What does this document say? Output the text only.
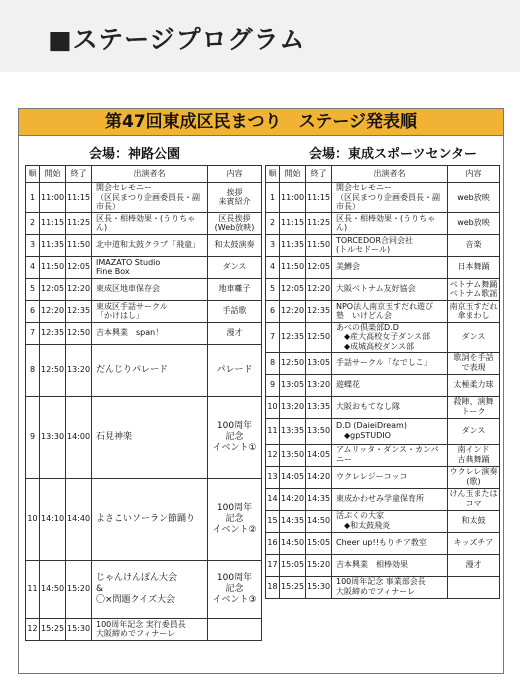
■ステージプログラム
第47回東成区民まつり　ステージ発表順
会場：神路公園	会場：東成スポーツセンター
順	開始	終了	出演者名	内容
1	11:00	11:15	開会セレモニー
（区民まつり企画委員長・副市長）	挨拶
来賓紹介
2	11:15	11:25	区長・相棒効果・(うりちゃん)	区長挨拶
(Web放映)
3	11:35	11:50	北中道和太鼓クラブ「飛童」	和太鼓演奏
4	11:50	12:05	IMAZATO Studio
Fine Box	ダンス
5	12:05	12:20	東成区地車保存会	地車囃子
6	12:20	12:35	東成区手話サークル
「かけはし」	手話歌
7	12:35	12:50	吉本興業　span！	漫才
8	12:50	13:20	だんじりパレード	パレード
9	13:30	14:00	石見神楽	100周年
記念
イベント①
10	14:10	14:40	よさこいソーラン節踊り	100周年
記念
イベント②
11	14:50	15:20	じゃんけんぽん大会
&
〇×問題クイズ大会	100周年
記念
イベント③
12	15:25	15:30	100周年記念 実行委員長
大阪締めでフィナーレ	
順	開始	終了	出演者名	内容
1	11:00	11:15	開会セレモニー
（区民まつり企画委員長・副市長）	web放映
2	11:15	11:25	区長・相棒効果・(うりちゃん)	web放映
3	11:35	11:50	TORCEDOR合同会社
(トルセドール)	音楽
4	11:50	12:05	美鱒会	日本舞踊
5	12:05	12:20	大阪ベトナム友好協会	ベトナム舞踊
ベトナム歌謡
6	12:20	12:35	NPO法人南京玉すだれ遊び
塾　いけどん会	南京玉すだれ
傘まわし
7	12:35	12:50	あべの倶楽部D.D
　◆産大高校女子ダンス部
　◆成城高校ダンス部	ダンス
8	12:50	13:05	手話サークル「なでしこ」	歌詞を手話
で表現
9	13:05	13:20	遊蝶花	太極柔力球
10	13:20	13:35	大阪おもてなし隊	殺陣、演舞
トーク
11	13:35	13:50	D.D (DaieiDream)
　◆gpSTUDIO	ダンス
12	13:50	14:05	アムリッタ・ダンス・カンパニー	南インド
古典舞踊
13	14:05	14:20	ウクレレジーコッコ	ウクレレ演奏
(歌)
14	14:20	14:35	東成かわせみ学童保育所	けん玉または
コマ
15	14:35	14:50	活ぷくの大家
　◆和太鼓飛炎	和太鼓
16	14:50	15:05	Cheer up!!もりチア教室	キッズチア
17	15:05	15:20	吉本興業　相棒効果	漫才
18	15:25	15:30	100周年記念 事業部会長
大阪締めでフィナーレ	
